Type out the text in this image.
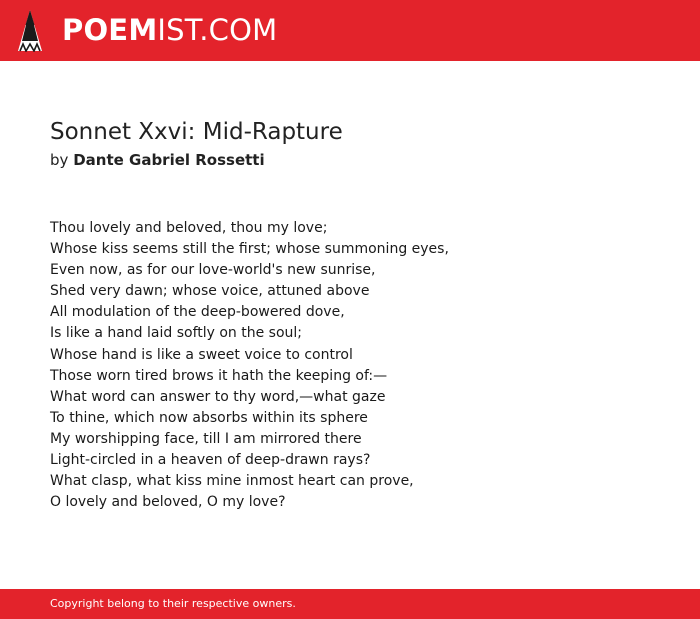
POEMIST.COM
Sonnet Xxvi: Mid-Rapture
by Dante Gabriel Rossetti
Thou lovely and beloved, thou my love;
Whose kiss seems still the first; whose summoning eyes,
Even now, as for our love-world's new sunrise,
Shed very dawn; whose voice, attuned above
All modulation of the deep-bowered dove,
Is like a hand laid softly on the soul;
Whose hand is like a sweet voice to control
Those worn tired brows it hath the keeping of:—
What word can answer to thy word,—what gaze
To thine, which now absorbs within its sphere
My worshipping face, till I am mirrored there
Light-circled in a heaven of deep-drawn rays?
What clasp, what kiss mine inmost heart can prove,
O lovely and beloved, O my love?
Copyright belong to their respective owners.
